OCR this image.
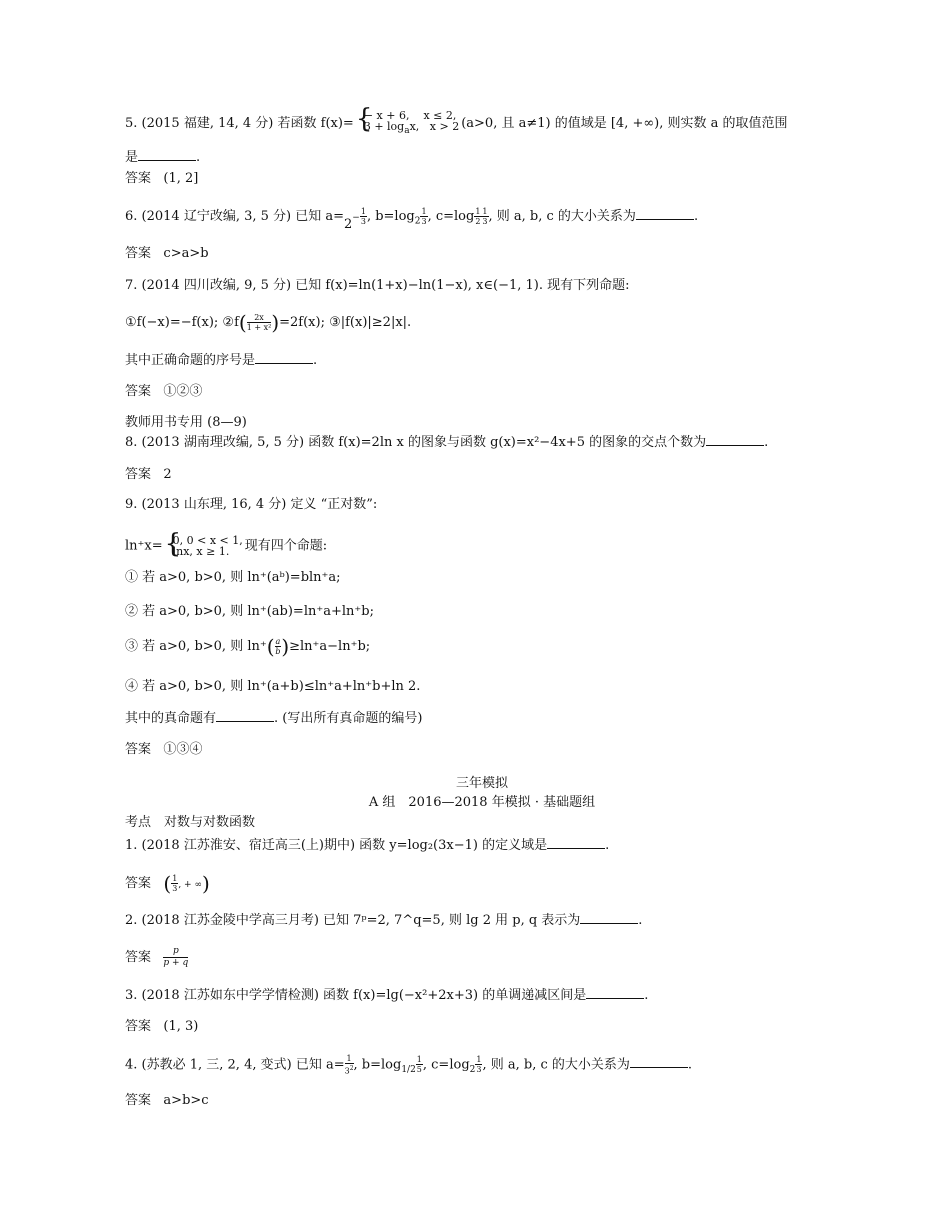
5. (2015 福建, 14, 4 分) 若函数 f(x)=
{ − x + 6, x ≤ 2,
$3 + \log_ax$, x > 2 (a>0, 且 a≠1) 的值域是 [4, +∞), 则实数 a 的取值范围
是	.
答案 (1, 2]
6. (2014 辽宁改编, 3, 5 分) 已知 $a=2- \frac{1}{3}$ , $b=\log_2 \frac{1}{3}$ , $c=\log \frac{1}{2} \frac{1}{3}$ , 则 a, b, c 的大小关系为	.
答案 c>a>b
7. (2014 四川改编, 9, 5 分) 已知 f(x)=ln(1+x)−ln(1−x), x∈(−1, 1). 现有下列命题:
①f(−x)=−f(x); ②f( $\frac{2x}{\text{1 + x²}} )=2f(x)$; ③|f(x)|≥2|x|.
其中正确命题的序号是	.
答案 ①②③
教师用书专用 (8—9)
8. (2013 湖南理改编, 5, 5 分) 函数 f(x)=2ln x 的图象与函数 g(x)=x²−4x+5 的图象的交点个数为	.
答案 2
9. (2013 山东理, 16, 4 分) 定义 “正对数”:
ln⁺x=
{ 0, 0 < x < 1,
lnx, x ≥ 1.	现有四个命题:
① 若 a>0, b>0, 则 ln⁺(aᵇ)=bln⁺a;
② 若 a>0, b>0, 则 ln⁺(ab)=ln⁺a+ln⁺b;
③ 若 a>0, b>0, 则 $\ln^+( \frac{a}{b} )\ge\ln^+a-\ln^+b$;
④ 若 a>0, b>0, 则 ln⁺(a+b)≤ln⁺a+ln⁺b+ln 2.
其中的真命题有	. (写出所有真命题的编号)
答案 ①③④
三年模拟
A 组　2016—2018 年模拟 · 基础题组
考点　对数与对数函数
1. (2018 江苏淮安、宿迁高三(上)期中) 函数 y=log₂(3x−1) 的定义域是	.
答案 ( $\frac{1}{3}$ , + ∞)
2. (2018 江苏金陵中学高三月考) 已知 7ᵖ=2, 7^q=5, 则 lg 2 用 p, q 表示为	.
答案 $\frac{p}{p + q}$
3. (2018 江苏如东中学学情检测) 函数 f(x)=lg(−x²+2x+3) 的单调递减区间是	.
答案 (1, 3)
4. (苏教必 1, 三, 2, 4, 变式) 已知 $a= \frac{1}{3^2}$ , $b=\log_{1/2} \frac{1}{5}$ , $c=\log_2 \frac{1}{3}$ , 则 a, b, c 的大小关系为	.
答案 a>b>c
